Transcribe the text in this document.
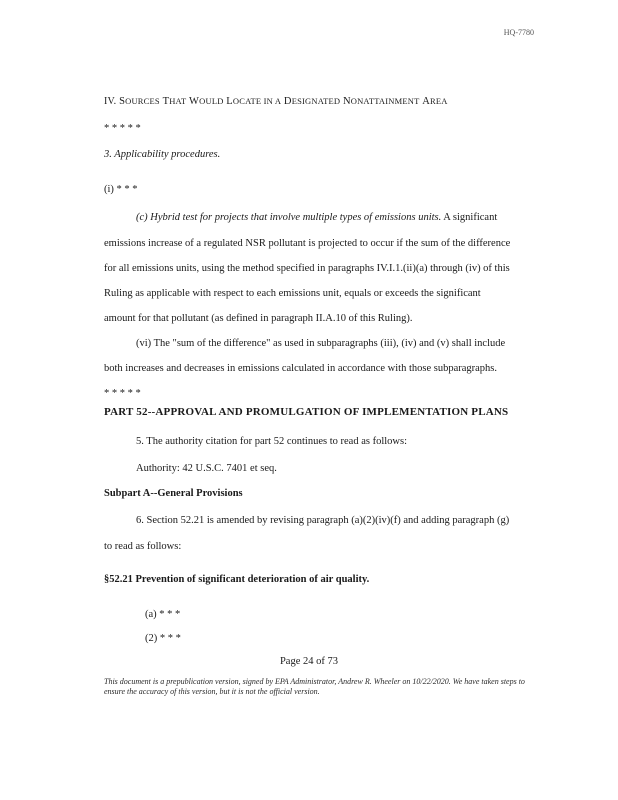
HQ-7780
IV. SOURCES THAT WOULD LOCATE IN A DESIGNATED NONATTAINMENT AREA
* * * * *
3. Applicability procedures.
(i) * * *
(c) Hybrid test for projects that involve multiple types of emissions units. A significant
emissions increase of a regulated NSR pollutant is projected to occur if the sum of the difference
for all emissions units, using the method specified in paragraphs IV.I.1.(ii)(a) through (iv) of this
Ruling as applicable with respect to each emissions unit, equals or exceeds the significant
amount for that pollutant (as defined in paragraph II.A.10 of this Ruling).
(vi) The "sum of the difference" as used in subparagraphs (iii), (iv) and (v) shall include
both increases and decreases in emissions calculated in accordance with those subparagraphs.
* * * * *
PART 52--APPROVAL AND PROMULGATION OF IMPLEMENTATION PLANS
5. The authority citation for part 52 continues to read as follows:
Authority: 42 U.S.C. 7401 et seq.
Subpart A--General Provisions
6. Section 52.21 is amended by revising paragraph (a)(2)(iv)(f) and adding paragraph (g)
to read as follows:
§52.21 Prevention of significant deterioration of air quality.
(a) * * *
(2) * * *
Page 24 of 73
This document is a prepublication version, signed by EPA Administrator, Andrew R. Wheeler on 10/22/2020. We have taken steps to ensure the accuracy of this version, but it is not the official version.
